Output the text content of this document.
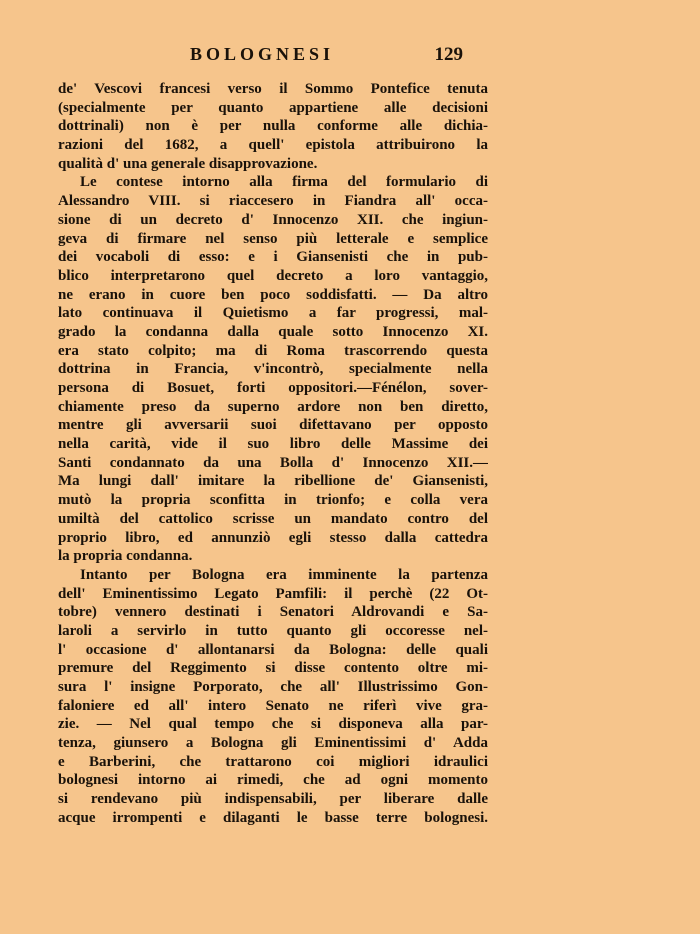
BOLOGNESI	129
de' Vescovi francesi verso il Sommo Pontefice tenuta
(specialmente per quanto appartiene alle decisioni
dottrinali) non è per nulla conforme alle dichia-
razioni del 1682, a quell' epistola attribuirono la
qualità d' una generale disapprovazione.
Le contese intorno alla firma del formulario di
Alessandro VIII. si riaccesero in Fiandra all' occa-
sione di un decreto d' Innocenzo XII. che ingiun-
geva di firmare nel senso più letterale e semplice
dei vocaboli di esso: e i Giansenisti che in pub-
blico interpretarono quel decreto a loro vantaggio,
ne erano in cuore ben poco soddisfatti. — Da altro
lato continuava il Quietismo a far progressi, mal-
grado la condanna dalla quale sotto Innocenzo XI.
era stato colpito; ma di Roma trascorrendo questa
dottrina in Francia, v'incontrò, specialmente nella
persona di Bosuet, forti oppositori.—Fénélon, sover-
chiamente preso da superno ardore non ben diretto,
mentre gli avversarii suoi difettavano per opposto
nella carità, vide il suo libro delle Massime dei
Santi condannato da una Bolla d' Innocenzo XII.—
Ma lungi dall' imitare la ribellione de' Giansenisti,
mutò la propria sconfitta in trionfo; e colla vera
umiltà del cattolico scrisse un mandato contro del
proprio libro, ed annunziò egli stesso dalla cattedra
la propria condanna.
Intanto per Bologna era imminente la partenza
dell' Eminentissimo Legato Pamfili: il perchè (22 Ot-
tobre) vennero destinati i Senatori Aldrovandi e Sa-
laroli a servirlo in tutto quanto gli occoresse nel-
l' occasione d' allontanarsi da Bologna: delle quali
premure del Reggimento si disse contento oltre mi-
sura l' insigne Porporato, che all' Illustrissimo Gon-
faloniere ed all' intero Senato ne riferì vive gra-
zie. — Nel qual tempo che si disponeva alla par-
tenza, giunsero a Bologna gli Eminentissimi d' Adda
e Barberini, che trattarono coi migliori idraulici
bolognesi intorno ai rimedi, che ad ogni momento
si rendevano più indispensabili, per liberare dalle
acque irrompenti e dilaganti le basse terre bolognesi.
